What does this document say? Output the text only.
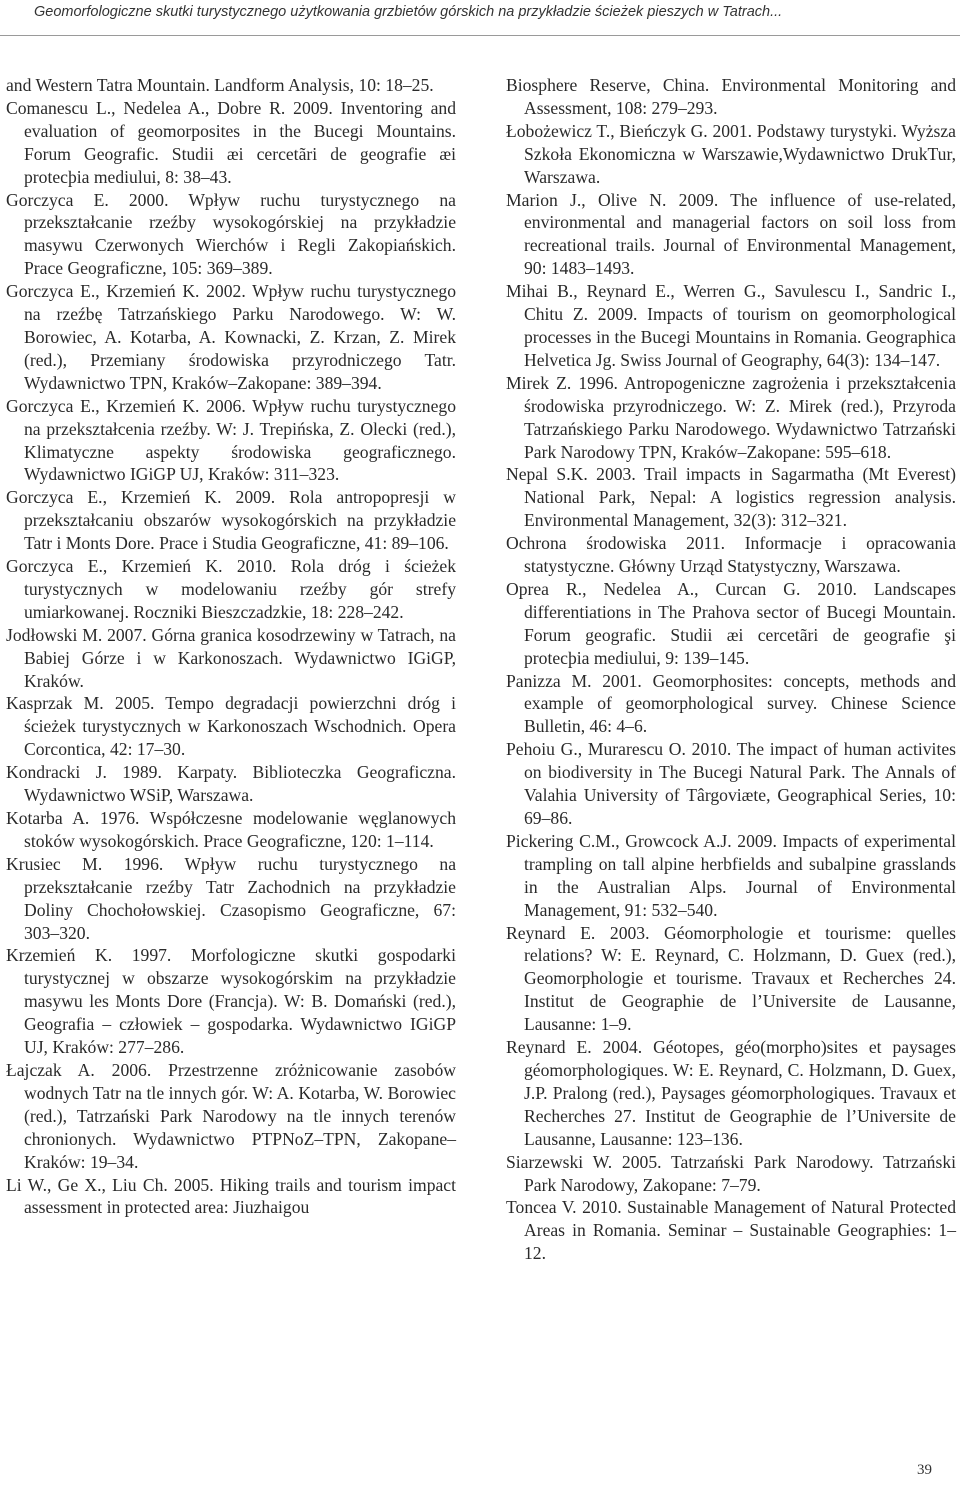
Geomorfologiczne skutki turystycznego użytkowania grzbietów górskich na przykładzie ścieżek pieszych w Tatrach...

and Western Tatra Mountain. Landform Analysis, 10: 18–25.

Comanescu L., Nedelea A., Dobre R. 2009. Inventoring and evaluation of geomorposites in the Bucegi Mountains. Forum Geografic. Studii æi cercetãri de geografie æi protecþia mediului, 8: 38–43.

Gorczyca E. 2000. Wpływ ruchu turystycznego na przekształcanie rzeźby wysokogórskiej na przykładzie masywu Czerwonych Wierchów i Regli Zakopiańskich. Prace Geograficzne, 105: 369–389.

Gorczyca E., Krzemień K. 2002. Wpływ ruchu turystycznego na rzeźbę Tatrzańskiego Parku Narodowego. W: W. Borowiec, A. Kotarba, A. Kownacki, Z. Krzan, Z. Mirek (red.), Przemiany środowiska przyrodniczego Tatr. Wydawnictwo TPN, Kraków–Zakopane: 389–394.

Gorczyca E., Krzemień K. 2006. Wpływ ruchu turystycznego na przekształcenia rzeźby. W: J. Trepińska, Z. Olecki (red.), Klimatyczne aspekty środowiska geograficznego. Wydawnictwo IGiGP UJ, Kraków: 311–323.

Gorczyca E., Krzemień K. 2009. Rola antropopresji w przekształcaniu obszarów wysokogórskich na przykładzie Tatr i Monts Dore. Prace i Studia Geograficzne, 41: 89–106.

Gorczyca E., Krzemień K. 2010. Rola dróg i ścieżek turystycznych w modelowaniu rzeźby gór strefy umiarkowanej. Roczniki Bieszczadzkie, 18: 228–242.

Jodłowski M. 2007. Górna granica kosodrzewiny w Tatrach, na Babiej Górze i w Karkonoszach. Wydawnictwo IGiGP, Kraków.

Kasprzak M. 2005. Tempo degradacji powierzchni dróg i ścieżek turystycznych w Karkonoszach Wschodnich. Opera Corcontica, 42: 17–30.

Kondracki J. 1989. Karpaty. Biblioteczka Geograficzna. Wydawnictwo WSiP, Warszawa.

Kotarba A. 1976. Współczesne modelowanie węglanowych stoków wysokogórskich. Prace Geograficzne, 120: 1–114.

Krusiec M. 1996. Wpływ ruchu turystycznego na przekształcanie rzeźby Tatr Zachodnich na przykładzie Doliny Chochołowskiej. Czasopismo Geograficzne, 67: 303–320.

Krzemień K. 1997. Morfologiczne skutki gospodarki turystycznej w obszarze wysokogórskim na przykładzie masywu les Monts Dore (Francja). W: B. Domański (red.), Geografia – człowiek – gospodarka. Wydawnictwo IGiGP UJ, Kraków: 277–286.

Łajczak A. 2006. Przestrzenne zróżnicowanie zasobów wodnych Tatr na tle innych gór. W: A. Kotarba, W. Borowiec (red.), Tatrzański Park Narodowy na tle innych terenów chronionych. Wydawnictwo PTPNoZ–TPN, Zakopane–Kraków: 19–34.

Li W., Ge X., Liu Ch. 2005. Hiking trails and tourism impact assessment in protected area: Jiuzhaigou

Biosphere Reserve, China. Environmental Monitoring and Assessment, 108: 279–293.

Łobożewicz T., Bieńczyk G. 2001. Podstawy turystyki. Wyższa Szkoła Ekonomiczna w Warszawie,Wydawnictwo DrukTur, Warszawa.

Marion J., Olive N. 2009. The influence of use-related, environmental and managerial factors on soil loss from recreational trails. Journal of Environmental Management, 90: 1483–1493.

Mihai B., Reynard E., Werren G., Savulescu I., Sandric I., Chitu Z. 2009. Impacts of tourism on geomorphological processes in the Bucegi Mountains in Romania. Geographica Helvetica Jg. Swiss Journal of Geography, 64(3): 134–147.

Mirek Z. 1996. Antropogeniczne zagrożenia i przekształcenia środowiska przyrodniczego. W: Z. Mirek (red.), Przyroda Tatrzańskiego Parku Narodowego. Wydawnictwo Tatrzański Park Narodowy TPN, Kraków–Zakopane: 595–618.

Nepal S.K. 2003. Trail impacts in Sagarmatha (Mt Everest) National Park, Nepal: A logistics regression analysis. Environmental Management, 32(3): 312–321.

Ochrona środowiska 2011. Informacje i opracowania statystyczne. Główny Urząd Statystyczny, Warszawa.

Oprea R., Nedelea A., Curcan G. 2010. Landscapes differentiations in The Prahova sector of Bucegi Mountain. Forum geografic. Studii æi cercetãri de geografie şi protecþia mediului, 9: 139–145.

Panizza M. 2001. Geomorphosites: concepts, methods and example of geomorphological survey. Chinese Science Bulletin, 46: 4–6.

Pehoiu G., Murarescu O. 2010. The impact of human activites on biodiversity in The Bucegi Natural Park. The Annals of Valahia University of Târgoviæte, Geographical Series, 10: 69–86.

Pickering C.M., Growcock A.J. 2009. Impacts of experimental trampling on tall alpine herbfields and subalpine grasslands in the Australian Alps. Journal of Environmental Management, 91: 532–540.

Reynard E. 2003. Géomorphologie et tourisme: quelles relations? W: E. Reynard, C. Holzmann, D. Guex (red.), Geomorphologie et tourisme. Travaux et Recherches 24. Institut de Geographie de l’Universite de Lausanne, Lausanne: 1–9.

Reynard E. 2004. Géotopes, géo(morpho)sites et paysages géomorphologiques. W: E. Reynard, C. Holzmann, D. Guex, J.P. Pralong (red.), Paysages géomorphologiques. Travaux et Recherches 27. Institut de Geographie de l’Universite de Lausanne, Lausanne: 123–136.

Siarzewski W. 2005. Tatrzański Park Narodowy. Tatrzański Park Narodowy, Zakopane: 7–79.

Toncea V. 2010. Sustainable Management of Natural Protected Areas in Romania. Seminar – Sustainable Geographies: 1–12.

39
